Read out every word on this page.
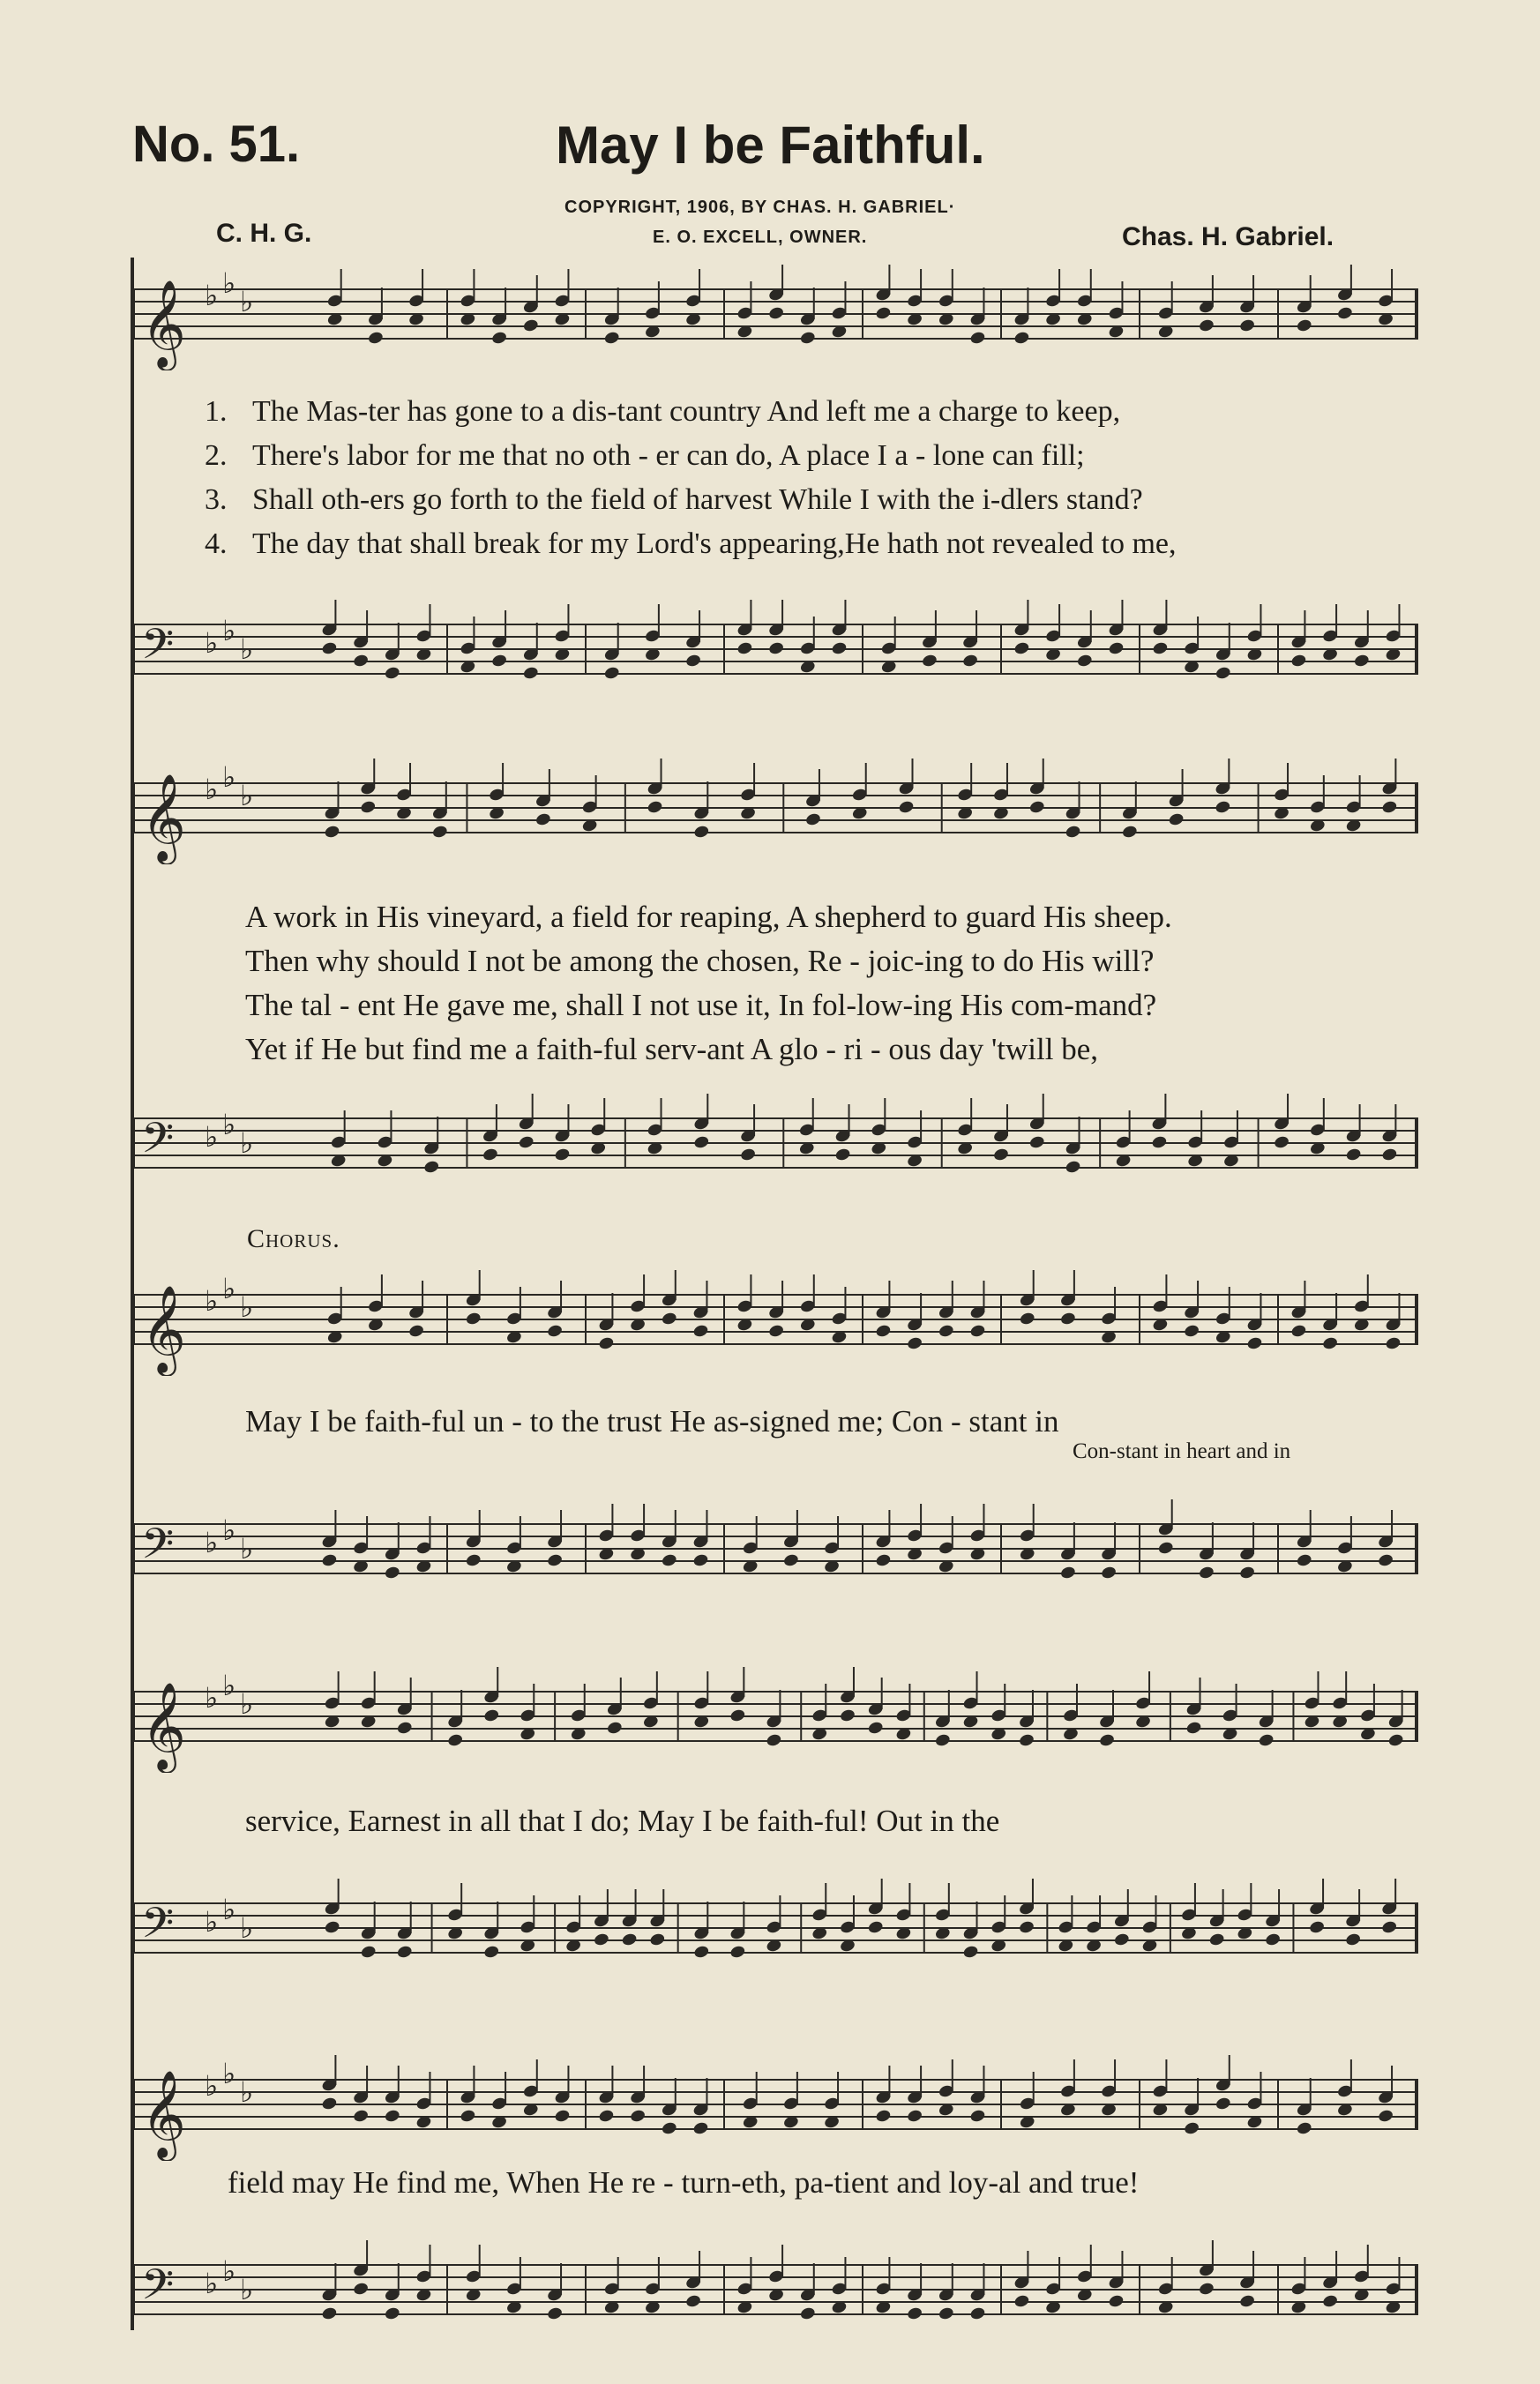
No. 51.	May I be Faithful.
COPYRIGHT, 1906, BY CHAS. H. GABRIEL·
E. O. EXCELL, OWNER.
C. H. G.	Chas. H. Gabriel.
𝄞 ♭ ♭
♭
1. The Mas-ter has gone to a dis-tant country And left me a charge to keep,
2. There's labor for me that no oth - er can do, A place I a - lone can fill;
3. Shall oth-ers go forth to the field of harvest While I with the i-dlers stand?
4. The day that shall break for my Lord's appearing,He hath not revealed to me,
𝄢 ♭ ♭
♭
𝄞 ♭ ♭
♭
A work in His vineyard, a field for reaping, A shepherd to guard His sheep.
Then why should I not be among the chosen, Re - joic-ing to do His will?
The tal - ent He gave me, shall I not use it, In fol-low-ing His com-mand?
Yet if He but find me a faith-ful serv-ant A glo - ri - ous day 'twill be,
𝄢 ♭ ♭
♭
Chorus.
𝄞 ♭ ♭
♭
May I be faith-ful un - to the trust He as-signed me; Con - stant in
Con-stant in heart and in
𝄢 ♭ ♭
♭
𝄞 ♭ ♭
♭
service, Earnest in all that I do; May I be faith-ful! Out in the
𝄢 ♭ ♭
♭
𝄞 ♭ ♭
♭
field may He find me, When He re - turn-eth, pa-tient and loy-al and true!
𝄢 ♭ ♭
♭
